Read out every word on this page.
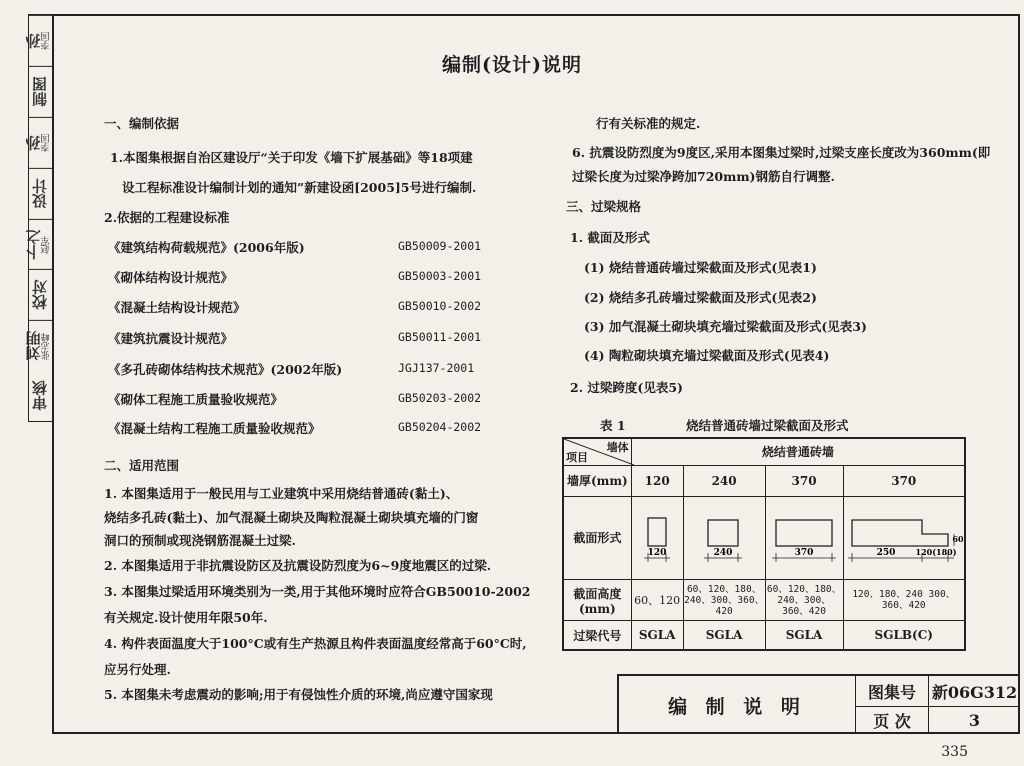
孙 李国
制图
孙 李国
设计
卜之 赵军
校对
刘明 张志峰
审核
编制(设计)说明
一、编制依据
1.本图集根据自治区建设厅“关于印发《墙下扩展基础》等18项建
设工程标准设计编制计划的通知”新建设函[2005]5号进行编制.
2.依据的工程建设标准
《建筑结构荷载规范》(2006年版)	GB50009-2001
《砌体结构设计规范》	GB50003-2001
《混凝土结构设计规范》	GB50010-2002
《建筑抗震设计规范》	GB50011-2001
《多孔砖砌体结构技术规范》(2002年版)	JGJ137-2001
《砌体工程施工质量验收规范》	GB50203-2002
《混凝土结构工程施工质量验收规范》	GB50204-2002
二、适用范围
1. 本图集适用于一般民用与工业建筑中采用烧结普通砖(黏土)、
烧结多孔砖(黏土)、加气混凝土砌块及陶粒混凝土砌块填充墙的门窗
洞口的预制或现浇钢筋混凝土过梁.
2. 本图集适用于非抗震设防区及抗震设防烈度为6~9度地震区的过梁.
3. 本图集过梁适用环境类别为一类,用于其他环境时应符合GB50010-2002
有关规定.设计使用年限50年.
4. 构件表面温度大于100°C或有生产热源且构件表面温度经常高于60°C时,
应另行处理.
5. 本图集未考虑震动的影响;用于有侵蚀性介质的环境,尚应遵守国家现
行有关标准的规定.
6. 抗震设防烈度为9度区,采用本图集过梁时,过梁支座长度改为360mm(即
过梁长度为过梁净跨加720mm)钢筋自行调整.
三、过梁规格
1. 截面及形式
(1) 烧结普通砖墙过梁截面及形式(见表1)
(2) 烧结多孔砖墙过梁截面及形式(见表2)
(3) 加气混凝土砌块填充墙过梁截面及形式(见表3)
(4) 陶粒砌块填充墙过梁截面及形式(见表4)
2. 过梁跨度(见表5)
表 1	烧结普通砖墙过梁截面及形式
墙体
项目	烧结普通砖墙			
墙厚(mm)	120	240	370	370
截面形式	120	240	370	250 120(180)
60

截面高度(mm)	60、120	60、120、180、240、300、360、420	60、120、180、240、300、360、420	120、180、240 300、360、420
过梁代号	SGLA	SGLA	SGLA	SGLB(C)
编 制 说 明
图集号 新06G312
页 次	3
335
